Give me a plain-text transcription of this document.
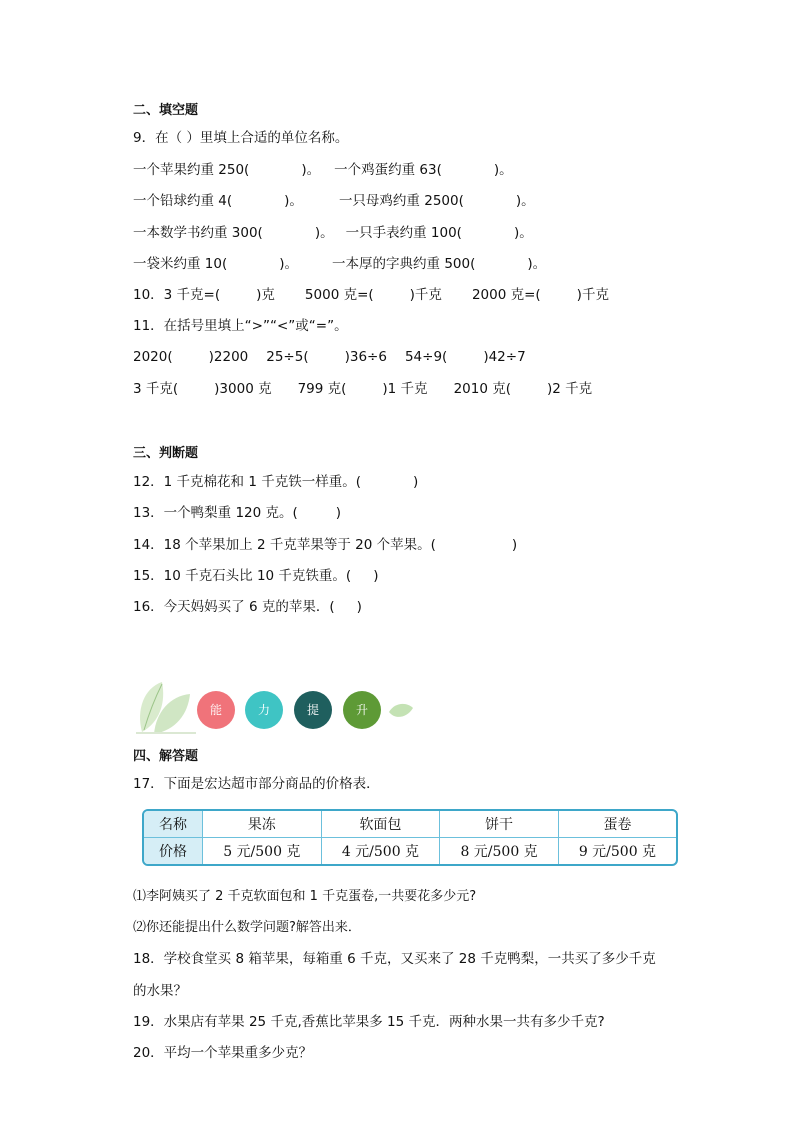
二、填空题
9．在（ ）里填上合适的单位名称。
一个苹果约重 250(	)。 一个鸡蛋约重 63(	)。
一个铅球约重 4(	)。	一只母鸡约重 2500(	)。
一本数学书约重 300(	)。 一只手表约重 100(	)。
一袋米约重 10(	)。	一本厚的字典约重 500(	)。
10．3 千克=(	)克 5000 克=(	)千克 2000 克=(	)千克
11．在括号里填上“>”“<”或“=”。
2020(	)2200 25÷5(	)36÷6 54÷9(	)42÷7
3 千克(	)3000 克 799 克(	)1 千克 2010 克(	)2 千克
三、判断题
12．1 千克棉花和 1 千克铁一样重。(	)
13．一个鸭梨重 120 克。(	)
14．18 个苹果加上 2 千克苹果等于 20 个苹果。(	)
15．10 千克石头比 10 千克铁重。( )
16．今天妈妈买了 6 克的苹果．( )
能	力	提	升
四、解答题
17．下面是宏达超市部分商品的价格表．
名称	果冻	软面包	饼干	蛋卷
价格	5 元/500 克	4 元/500 克	8 元/500 克	9 元/500 克
⑴李阿姨买了 2 千克软面包和 1 千克蛋卷,一共要花多少元?
⑵你还能提出什么数学问题?解答出来．
18．学校食堂买 8 箱苹果，每箱重 6 千克，又买来了 28 千克鸭梨，一共买了多少千克
的水果？
19．水果店有苹果 25 千克,香蕉比苹果多 15 千克．两种水果一共有多少千克?
20．平均一个苹果重多少克？
